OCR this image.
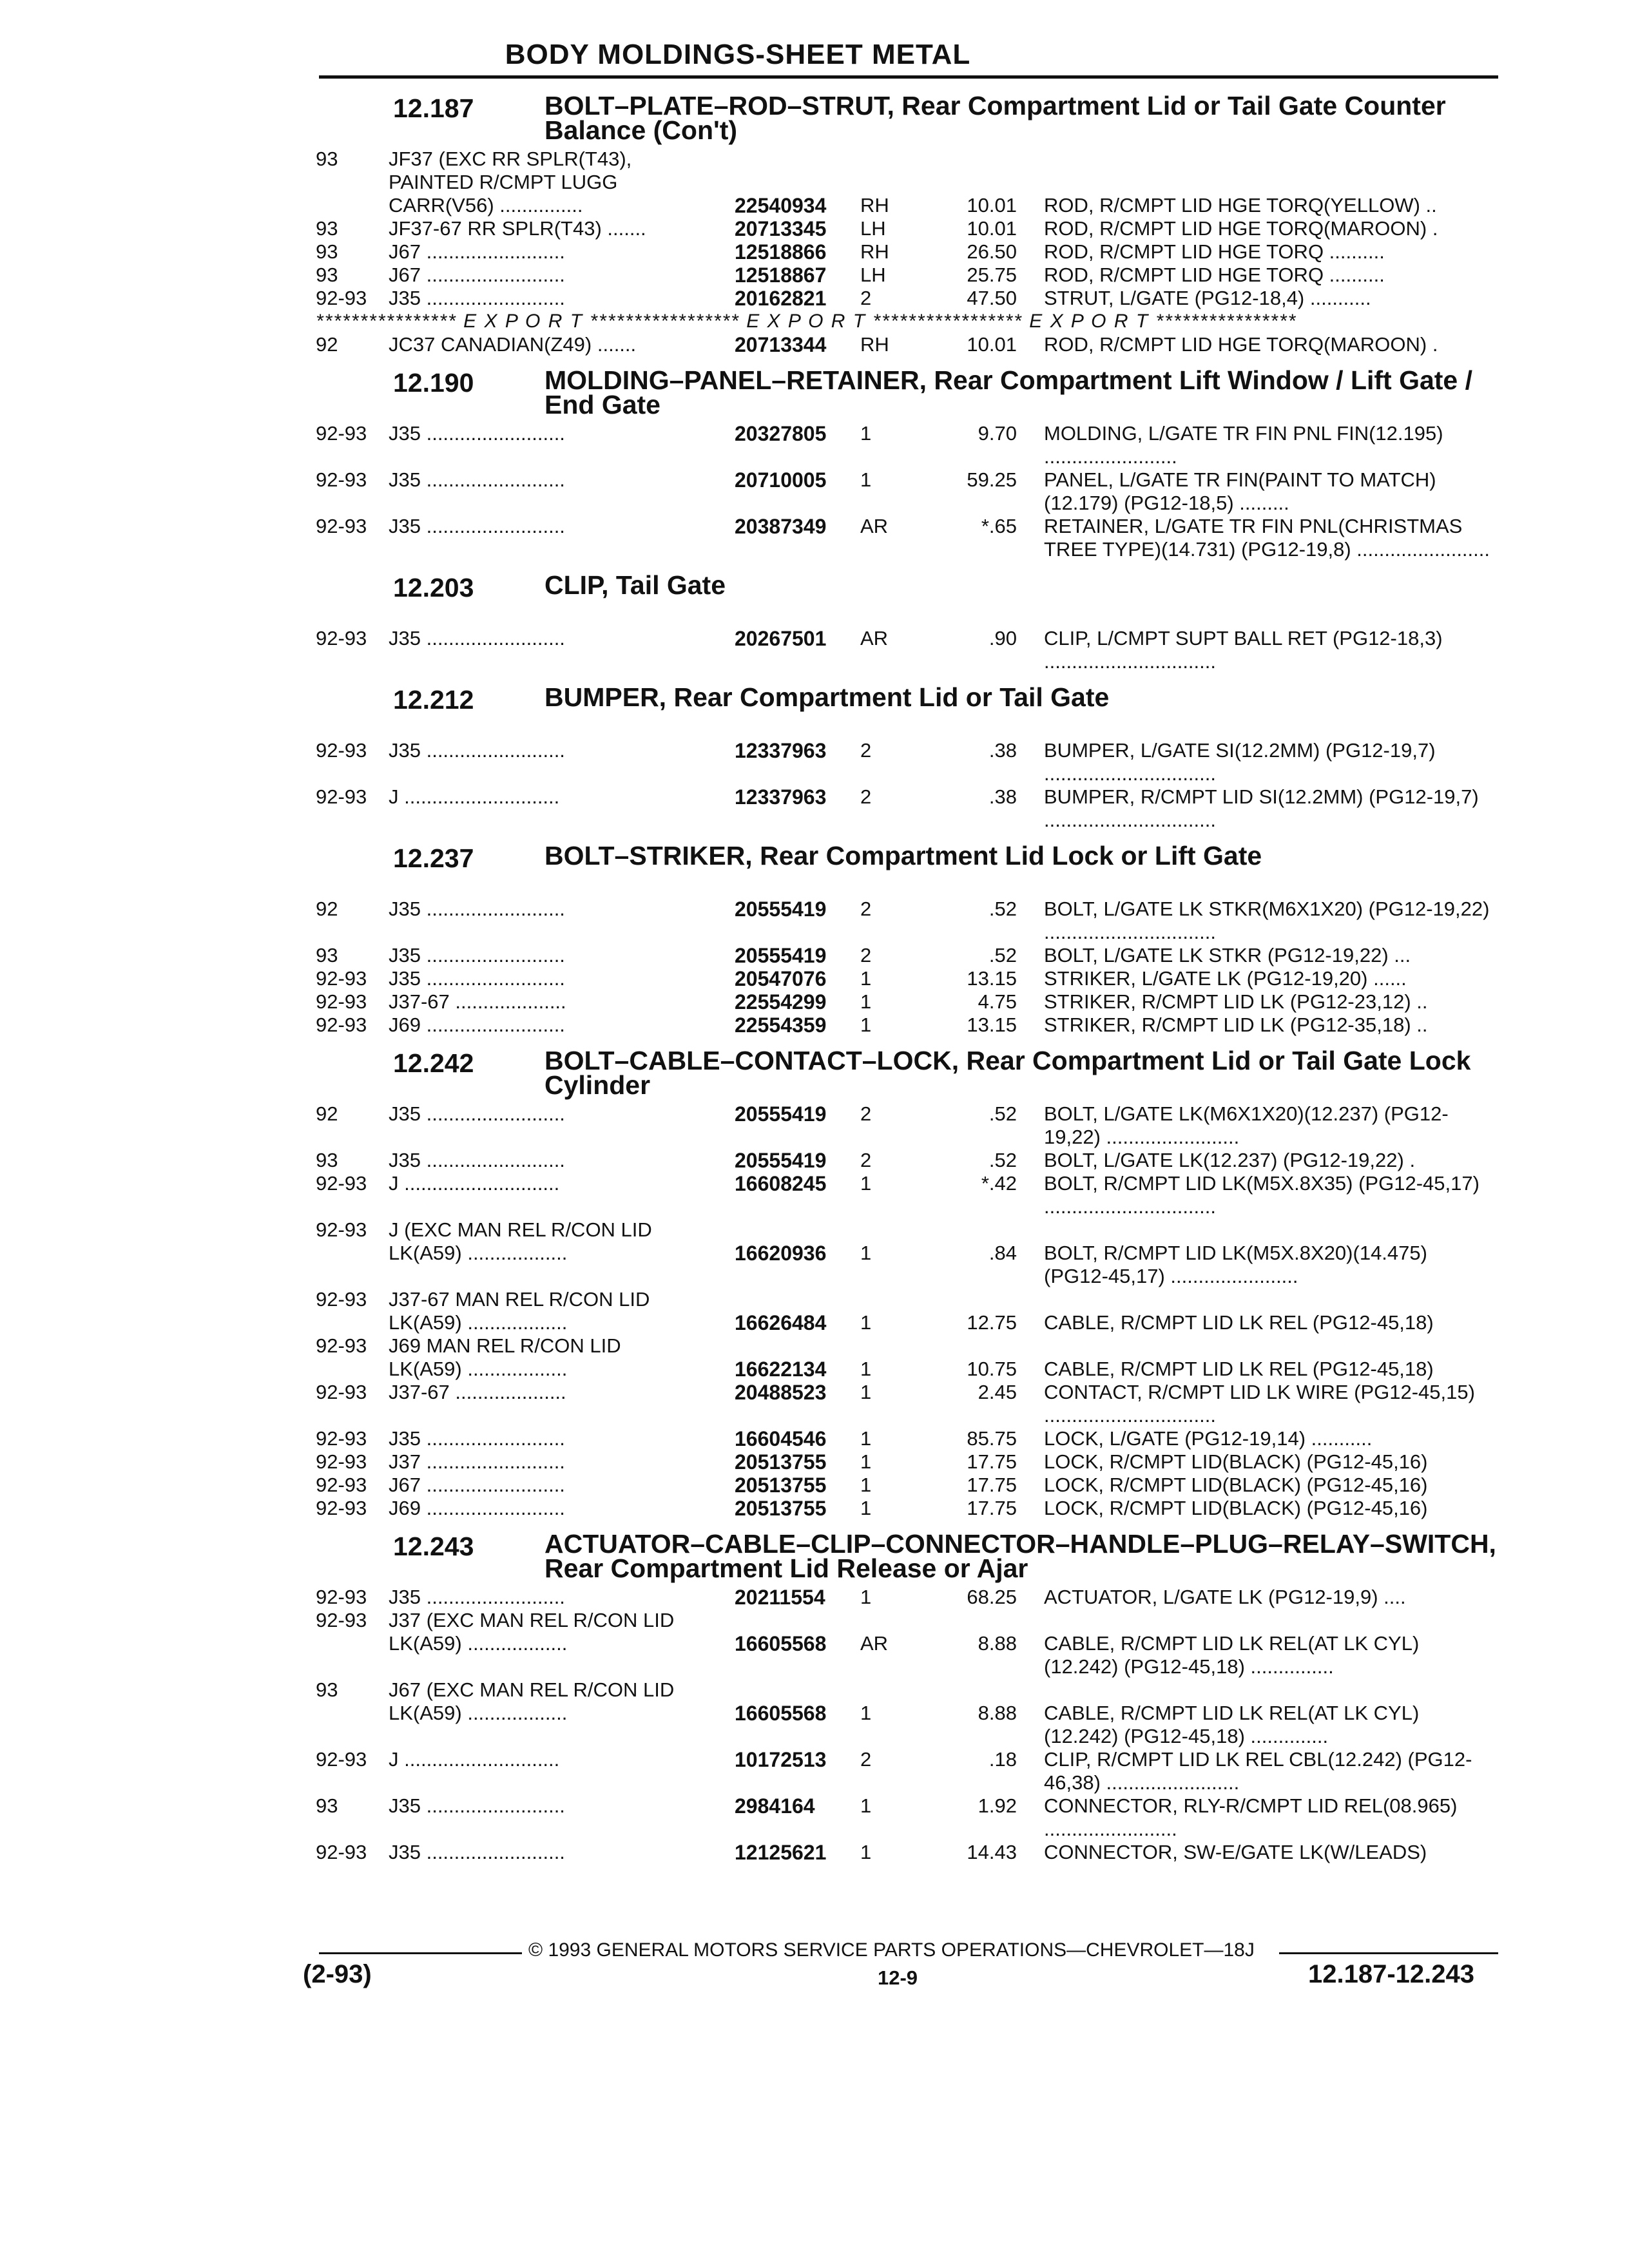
BODY MOLDINGS-SHEET METAL
12.187	BOLT–PLATE–ROD–STRUT, Rear Compartment Lid or Tail Gate Counter Balance (Con't)
93	JF37 (EXC RR SPLR(T43),
PAINTED R/CMPT LUGG
CARR(V56) ...............	22540934 RH	10.01 ROD, R/CMPT LID HGE TORQ(YELLOW) ..
93	JF37-67 RR SPLR(T43) .......	20713345 LH	10.01 ROD, R/CMPT LID HGE TORQ(MAROON) .
93	J67 .........................	12518866 RH	26.50 ROD, R/CMPT LID HGE TORQ ..........
93	J67 .........................	12518867 LH	25.75 ROD, R/CMPT LID HGE TORQ ..........
92-93 J35 .........................	20162821 2	47.50 STRUT, L/GATE (PG12-18,4) ...........
**************** E X P O R T ***************** E X P O R T ***************** E X P O R T ****************
92	JC37 CANADIAN(Z49) .......	20713344 RH	10.01 ROD, R/CMPT LID HGE TORQ(MAROON) .
12.190	MOLDING–PANEL–RETAINER, Rear Compartment Lift Window / Lift Gate / End Gate
92-93 J35 .........................	20327805 1	9.70 MOLDING, L/GATE TR FIN PNL FIN(12.195) ........................
92-93 J35 .........................	20710005 1	59.25 PANEL, L/GATE TR FIN(PAINT TO MATCH)(12.179) (PG12-18,5) .........
92-93 J35 .........................	20387349 AR	*.65 RETAINER, L/GATE TR FIN PNL(CHRISTMAS TREE TYPE)(14.731) (PG12-19,8) ........................
12.203	CLIP, Tail Gate
92-93 J35 .........................	20267501 AR	.90 CLIP, L/CMPT SUPT BALL RET (PG12-18,3) ...............................
12.212	BUMPER, Rear Compartment Lid or Tail Gate
92-93 J35 .........................	12337963 2	.38 BUMPER, L/GATE SI(12.2MM) (PG12-19,7) ...............................
92-93 J ............................	12337963 2	.38 BUMPER, R/CMPT LID SI(12.2MM) (PG12-19,7) ...............................
12.237	BOLT–STRIKER, Rear Compartment Lid Lock or Lift Gate
92	J35 .........................	20555419 2	.52 BOLT, L/GATE LK STKR(M6X1X20) (PG12-19,22) ...............................
93	J35 .........................	20555419 2	.52 BOLT, L/GATE LK STKR (PG12-19,22) ...
92-93 J35 .........................	20547076 1	13.15 STRIKER, L/GATE LK (PG12-19,20) ......
92-93 J37-67 ....................	22554299 1	4.75 STRIKER, R/CMPT LID LK (PG12-23,12) ..
92-93 J69 .........................	22554359 1	13.15 STRIKER, R/CMPT LID LK (PG12-35,18) ..
12.242	BOLT–CABLE–CONTACT–LOCK, Rear Compartment Lid or Tail Gate Lock Cylinder
92	J35 .........................	20555419 2	.52 BOLT, L/GATE LK(M6X1X20)(12.237) (PG12-19,22) ........................
93	J35 .........................	20555419 2	.52 BOLT, L/GATE LK(12.237) (PG12-19,22) .
92-93 J ............................	16608245 1	*.42 BOLT, R/CMPT LID LK(M5X.8X35) (PG12-45,17) ...............................
92-93 J (EXC MAN REL R/CON LID
LK(A59) ..................	16620936 1	.84 BOLT, R/CMPT LID LK(M5X.8X20)(14.475) (PG12-45,17) .......................
92-93 J37-67 MAN REL R/CON LID
LK(A59) ..................	16626484 1	12.75 CABLE, R/CMPT LID LK REL (PG12-45,18)
92-93 J69 MAN REL R/CON LID
LK(A59) ..................	16622134 1	10.75 CABLE, R/CMPT LID LK REL (PG12-45,18)
92-93 J37-67 ....................	20488523 1	2.45 CONTACT, R/CMPT LID LK WIRE (PG12-45,15) ...............................
92-93 J35 .........................	16604546 1	85.75 LOCK, L/GATE (PG12-19,14) ...........
92-93 J37 .........................	20513755 1	17.75 LOCK, R/CMPT LID(BLACK) (PG12-45,16)
92-93 J67 .........................	20513755 1	17.75 LOCK, R/CMPT LID(BLACK) (PG12-45,16)
92-93 J69 .........................	20513755 1	17.75 LOCK, R/CMPT LID(BLACK) (PG12-45,16)
12.243	ACTUATOR–CABLE–CLIP–CONNECTOR–HANDLE–PLUG–RELAY–SWITCH, Rear Compartment Lid Release or Ajar
92-93 J35 .........................	20211554 1	68.25 ACTUATOR, L/GATE LK (PG12-19,9) ....
92-93 J37 (EXC MAN REL R/CON LID
LK(A59) ..................	16605568 AR	8.88 CABLE, R/CMPT LID LK REL(AT LK CYL) (12.242) (PG12-45,18) ...............
93	J67 (EXC MAN REL R/CON LID
LK(A59) ..................	16605568 1	8.88 CABLE, R/CMPT LID LK REL(AT LK CYL) (12.242) (PG12-45,18) ..............
92-93 J ............................	10172513 2	.18 CLIP, R/CMPT LID LK REL CBL(12.242) (PG12-46,38) ........................
93	J35 .........................	2984164 1	1.92 CONNECTOR, RLY-R/CMPT LID REL(08.965) ........................
92-93 J35 .........................	12125621 1	14.43 CONNECTOR, SW-E/GATE LK(W/LEADS)
© 1993 GENERAL MOTORS SERVICE PARTS OPERATIONS—CHEVROLET—18J
(2-93)	12-9	12.187-12.243
